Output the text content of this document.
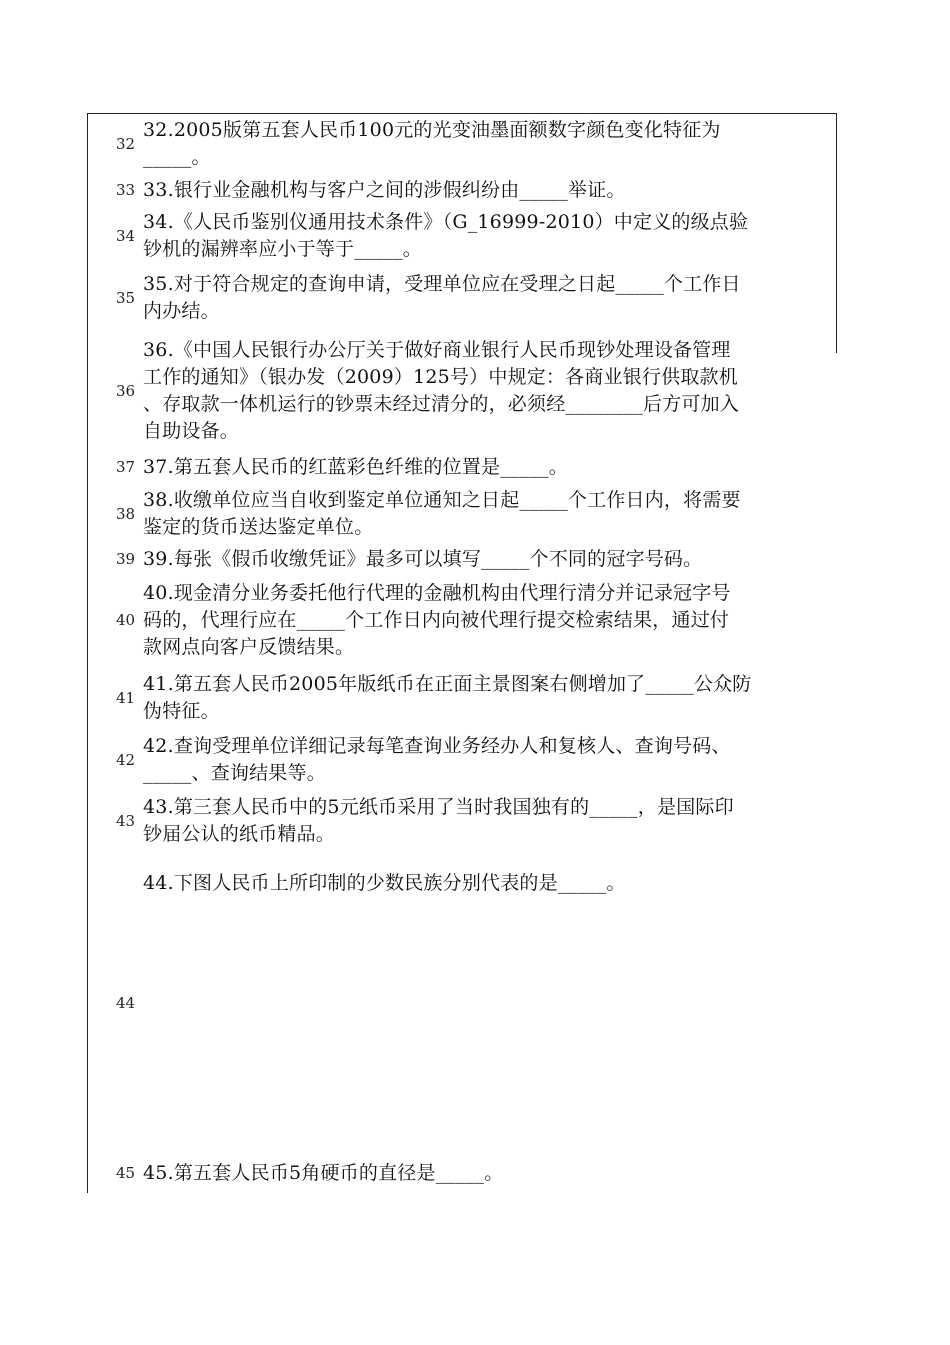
32
32.2005版第五套人民币100元的光变油墨面额数字颜色变化特征为
_____。
33 33.银行业金融机构与客户之间的涉假纠纷由_____举证。
34
34.《人民币鉴别仪通用技术条件》（G_16999-2010）中定义的级点验
钞机的漏辨率应小于等于_____。
35
35.对于符合规定的查询申请，受理单位应在受理之日起_____个工作日
内办结。
36
36.《中国人民银行办公厅关于做好商业银行人民币现钞处理设备管理
工作的通知》（银办发（2009）125号）中规定：各商业银行供取款机
、存取款一体机运行的钞票未经过清分的，必须经________后方可加入
自助设备。
37 37.第五套人民币的红蓝彩色纤维的位置是_____。
38
38.收缴单位应当自收到鉴定单位通知之日起_____个工作日内，将需要
鉴定的货币送达鉴定单位。
39 39.每张《假币收缴凭证》最多可以填写_____个不同的冠字号码。
40
40.现金清分业务委托他行代理的金融机构由代理行清分并记录冠字号
码的，代理行应在_____个工作日内向被代理行提交检索结果，通过付
款网点向客户反馈结果。
41
41.第五套人民币2005年版纸币在正面主景图案右侧增加了_____公众防
伪特征。
42
42.查询受理单位详细记录每笔查询业务经办人和复核人、查询号码、
_____、查询结果等。
43
43.第三套人民币中的5元纸币采用了当时我国独有的_____，是国际印
钞届公认的纸币精品。
44.下图人民币上所印制的少数民族分别代表的是_____。
44
45 45.第五套人民币5角硬币的直径是_____。
